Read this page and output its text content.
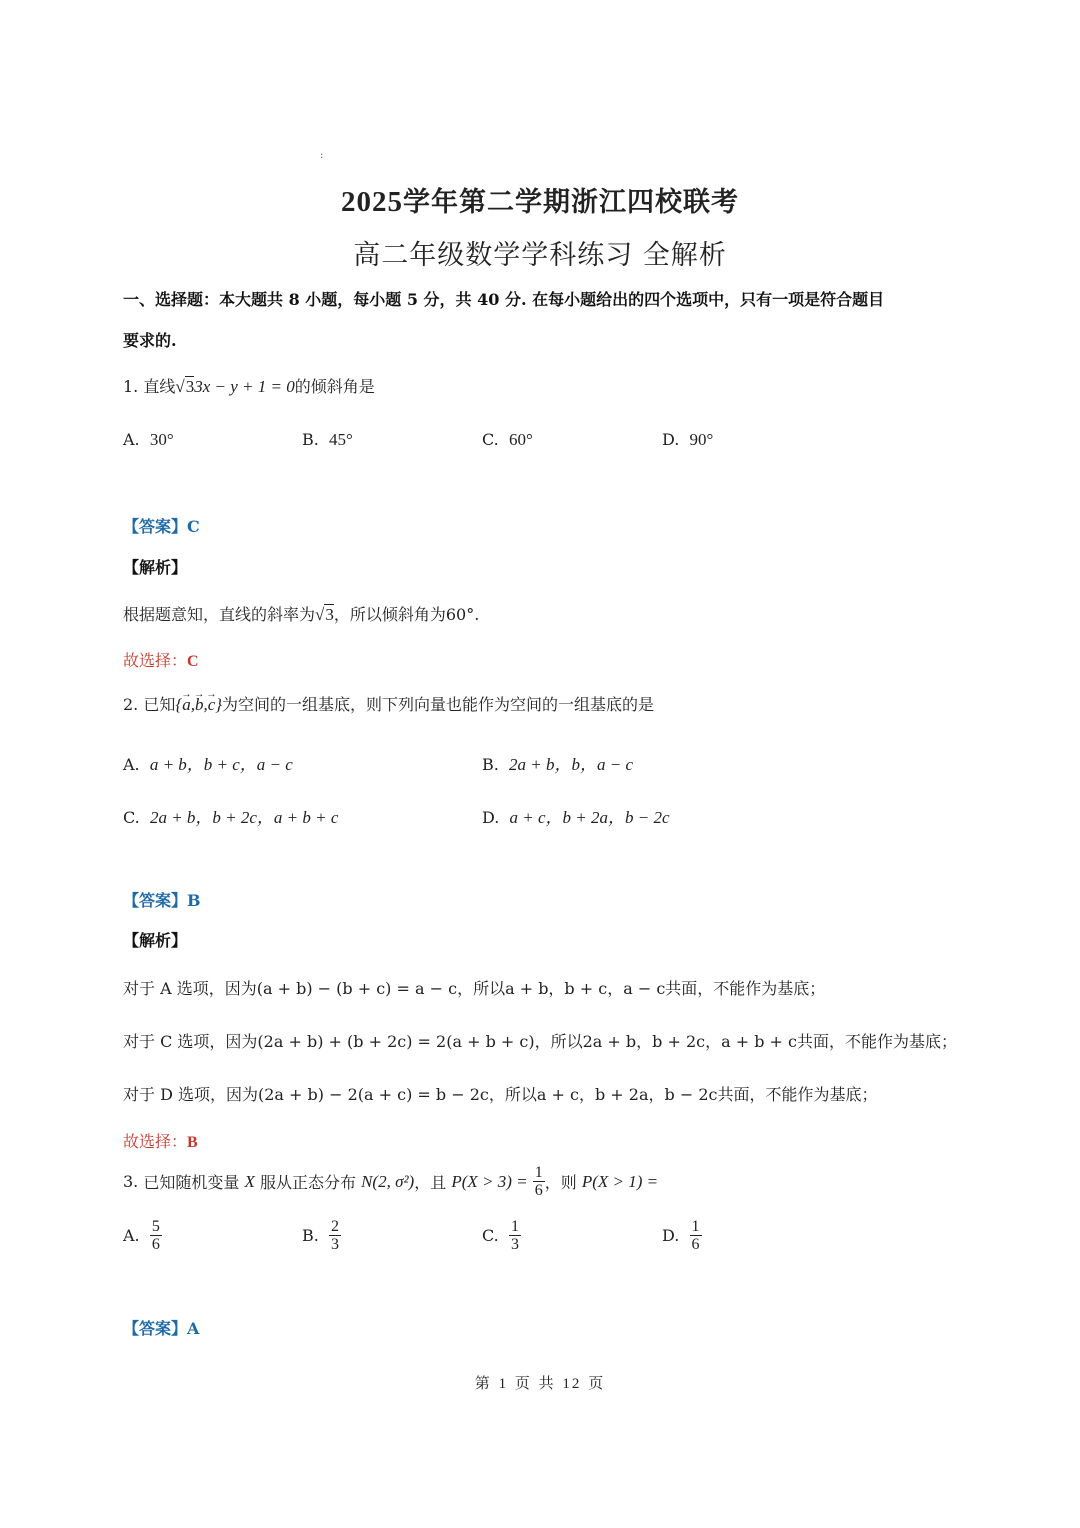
:
2025学年第二学期浙江四校联考
高二年级数学学科练习 全解析
一、选择题：本大题共 8 小题，每小题 5 分，共 40 分. 在每小题给出的四个选项中，只有一项是符合题目
要求的.
1. 直线√33x − y + 1 = 0的倾斜角是
A. 30°	B. 45°	C. 60°	D. 90°
【答案】C
【解析】
根据题意知，直线的斜率为√3，所以倾斜角为60°.
故选择：C
2. 已知{→ a,→ b,→ c}为空间的一组基底，则下列向量也能作为空间的一组基底的是
A. a + b，b + c，a − c	B. 2a + b，b，a − c
C. 2a + b，b + 2c，a + b + c	D. a + c，b + 2a，b − 2c
【答案】B
【解析】
对于 A 选项，因为(a + b) − (b + c) = a − c，所以a + b，b + c，a − c共面，不能作为基底；
对于 C 选项，因为(2a + b) + (b + 2c) = 2(a + b + c)，所以2a + b，b + 2c，a + b + c共面，不能作为基底；
对于 D 选项，因为(2a + b) − 2(a + c) = b − 2c，所以a + c，b + 2a，b − 2c共面，不能作为基底；
故选择：B
3.
已知随机变量
X
服从正态分布
N(2, σ²) ，且
P(X > 3) =
$\frac{1}{6}$ ，则
P(X > 1) =
A.
$\frac{5}{6}$	B.
$\frac{2}{3}$	C.
$\frac{1}{3}$	D.
$\frac{1}{6}$
【答案】A
第 1 页 共 12 页
